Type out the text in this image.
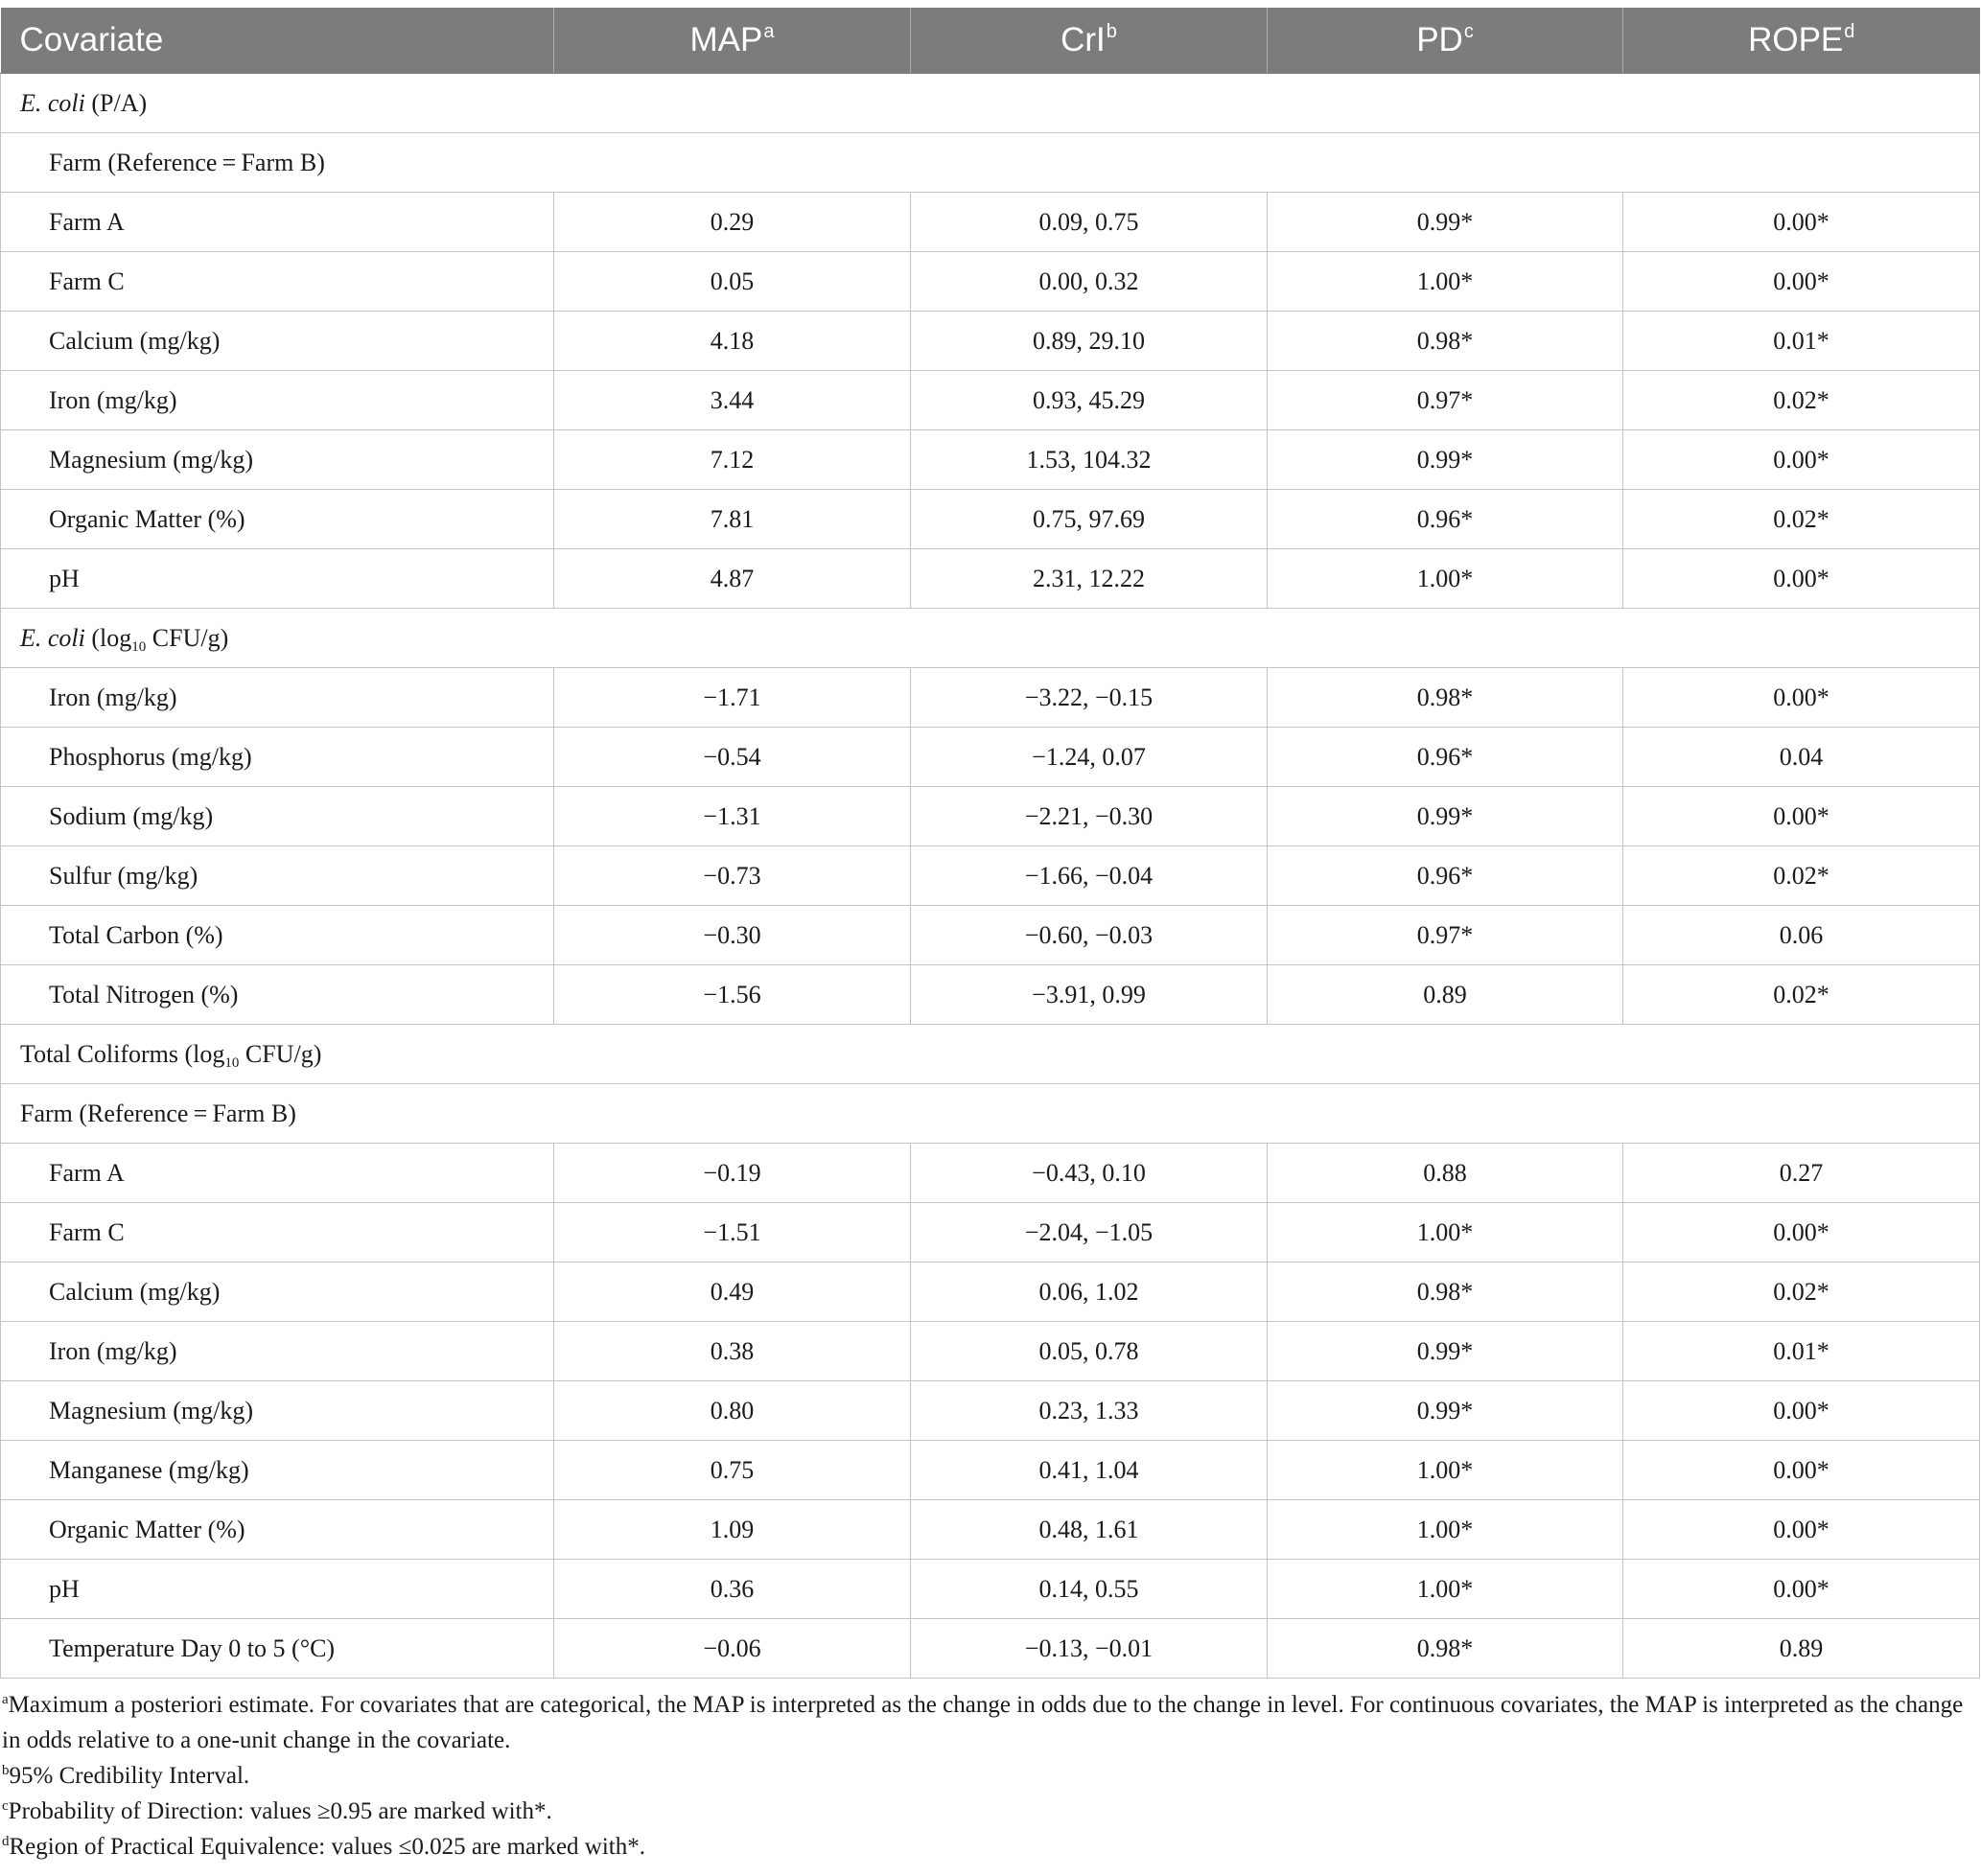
Covariate	MAP$^a$	CrI$^b$	$PD^c$	ROPE$^d$
E. coli (P/A)				
Farm (Reference = Farm B)				
Farm A	0.29	0.09, 0.75	0.99*	0.00*
Farm C	0.05	0.00, 0.32	1.00*	0.00*
Calcium (mg/kg)	4.18	0.89, 29.10	0.98*	0.01*
Iron (mg/kg)	3.44	0.93, 45.29	0.97*	0.02*
Magnesium (mg/kg)	7.12	1.53, 104.32	0.99*	0.00*
Organic Matter (%)	7.81	0.75, 97.69	0.96*	0.02*
pH	4.87	2.31, 12.22	1.00*	0.00*
E. coli (log10 CFU/g)				
Iron (mg/kg)	−1.71	−3.22, −0.15	0.98*	0.00*
Phosphorus (mg/kg)	−0.54	−1.24, 0.07	0.96*	0.04
Sodium (mg/kg)	−1.31	−2.21, −0.30	0.99*	0.00*
Sulfur (mg/kg)	−0.73	−1.66, −0.04	0.96*	0.02*
Total Carbon (%)	−0.30	−0.60, −0.03	0.97*	0.06
Total Nitrogen (%)	−1.56	−3.91, 0.99	0.89	0.02*
Total Coliforms (log10 CFU/g)				
Farm (Reference = Farm B)				
Farm A	−0.19	−0.43, 0.10	0.88	0.27
Farm C	−1.51	−2.04, −1.05	1.00*	0.00*
Calcium (mg/kg)	0.49	0.06, 1.02	0.98*	0.02*
Iron (mg/kg)	0.38	0.05, 0.78	0.99*	0.01*
Magnesium (mg/kg)	0.80	0.23, 1.33	0.99*	0.00*
Manganese (mg/kg)	0.75	0.41, 1.04	1.00*	0.00*
Organic Matter (%)	1.09	0.48, 1.61	1.00*	0.00*
pH	0.36	0.14, 0.55	1.00*	0.00*
Temperature Day 0 to 5 (°C)	−0.06	−0.13, −0.01	0.98*	0.89

$^a$Maximum a posteriori estimate. For covariates that are categorical, the MAP is interpreted as the change in odds due to the change in level. For continuous covariates, the MAP is interpreted as the change in odds relative to a one-unit change in the covariate.

$^b$95% Credibility Interval.

$^c$Probability of Direction: values ≥0.95 are marked with*.

$^d$Region of Practical Equivalence: values ≤0.025 are marked with*.
